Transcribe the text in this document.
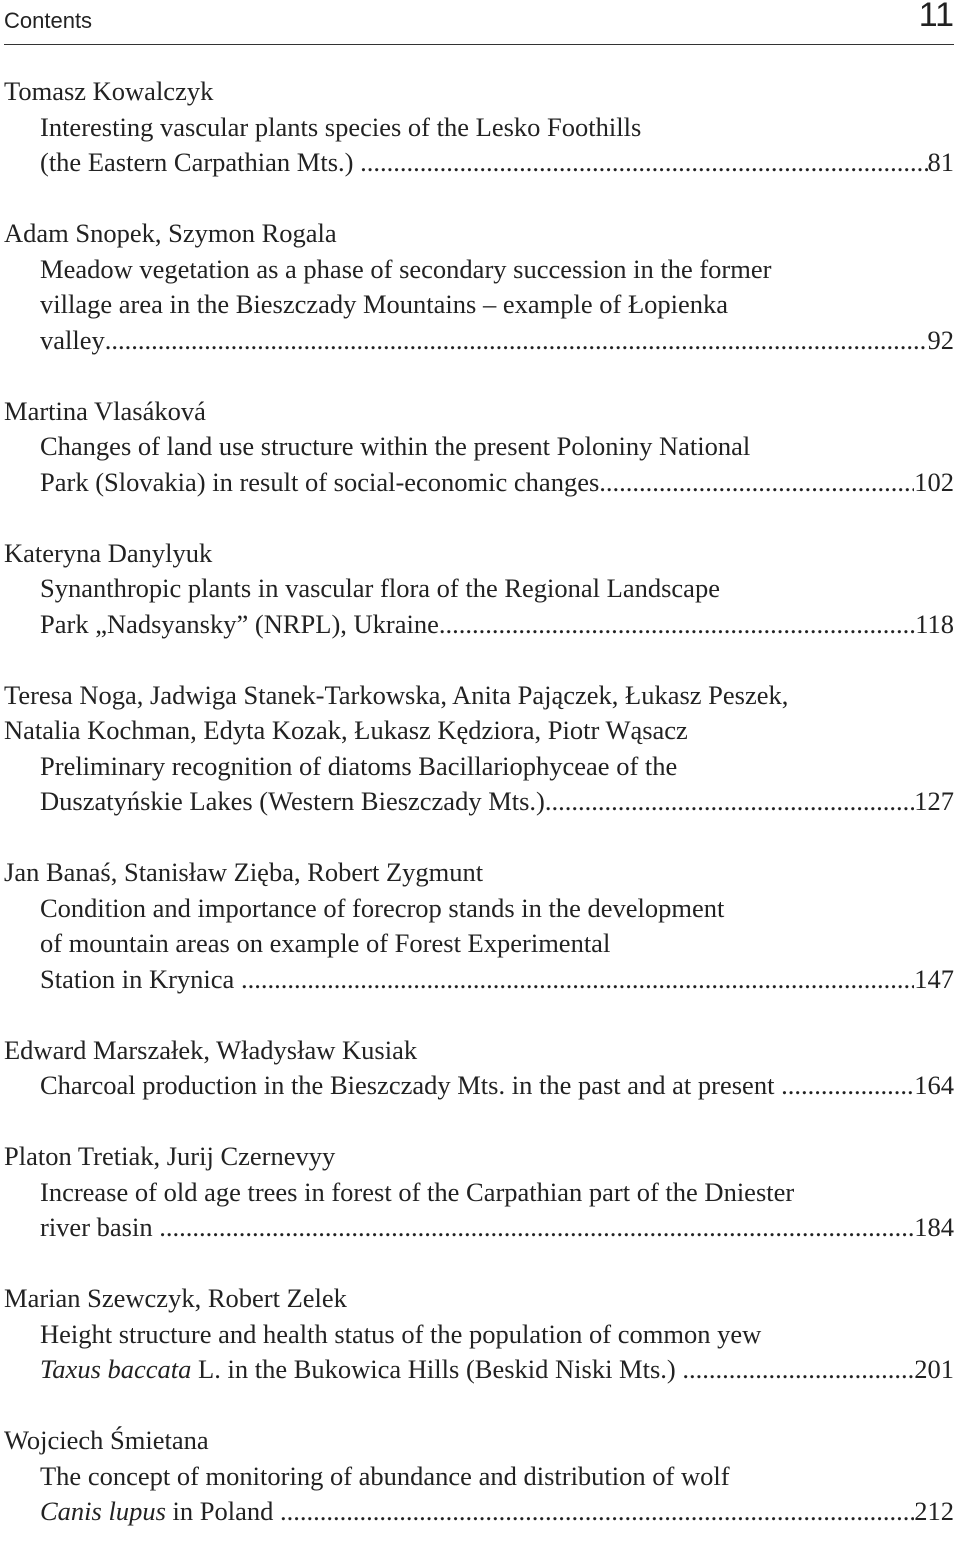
Contents	11
Tomasz Kowalczyk
Interesting vascular plants species of the Lesko Foothills
(the Eastern Carpathian Mts.) .....	81
Adam Snopek, Szymon Rogala
Meadow vegetation as a phase of secondary succession in the former
village area in the Bieszczady Mountains – example of Łopienka
valley .....	92
Martina Vlasáková
Changes of land use structure within the present Poloniny National
Park (Slovakia) in result of social-economic changes .....	102
Kateryna Danylyuk
Synanthropic plants in vascular flora of the Regional Landscape
Park „Nadsyansky” (NRPL), Ukraine .....	118
Teresa Noga, Jadwiga Stanek-Tarkowska, Anita Pajączek, Łukasz Peszek,
Natalia Kochman, Edyta Kozak, Łukasz Kędziora, Piotr Wąsacz
Preliminary recognition of diatoms Bacillariophyceae of the
Duszatyńskie Lakes (Western Bieszczady Mts.) .....	127
Jan Banaś, Stanisław Zięba, Robert Zygmunt
Condition and importance of forecrop stands in the development
of mountain areas on example of Forest Experimental
Station in Krynica .....	147
Edward Marszałek, Władysław Kusiak
Charcoal production in the Bieszczady Mts. in the past and at present .....	164
Platon Tretiak, Jurij Czernevyy
Increase of old age trees in forest of the Carpathian part of the Dniester
river basin .....	184
Marian Szewczyk, Robert Zelek
Height structure and health status of the population of common yew
Taxus baccata L. in the Bukowica Hills (Beskid Niski Mts.) .....	201
Wojciech Śmietana
The concept of monitoring of abundance and distribution of wolf
Canis lupus in Poland .....	212
